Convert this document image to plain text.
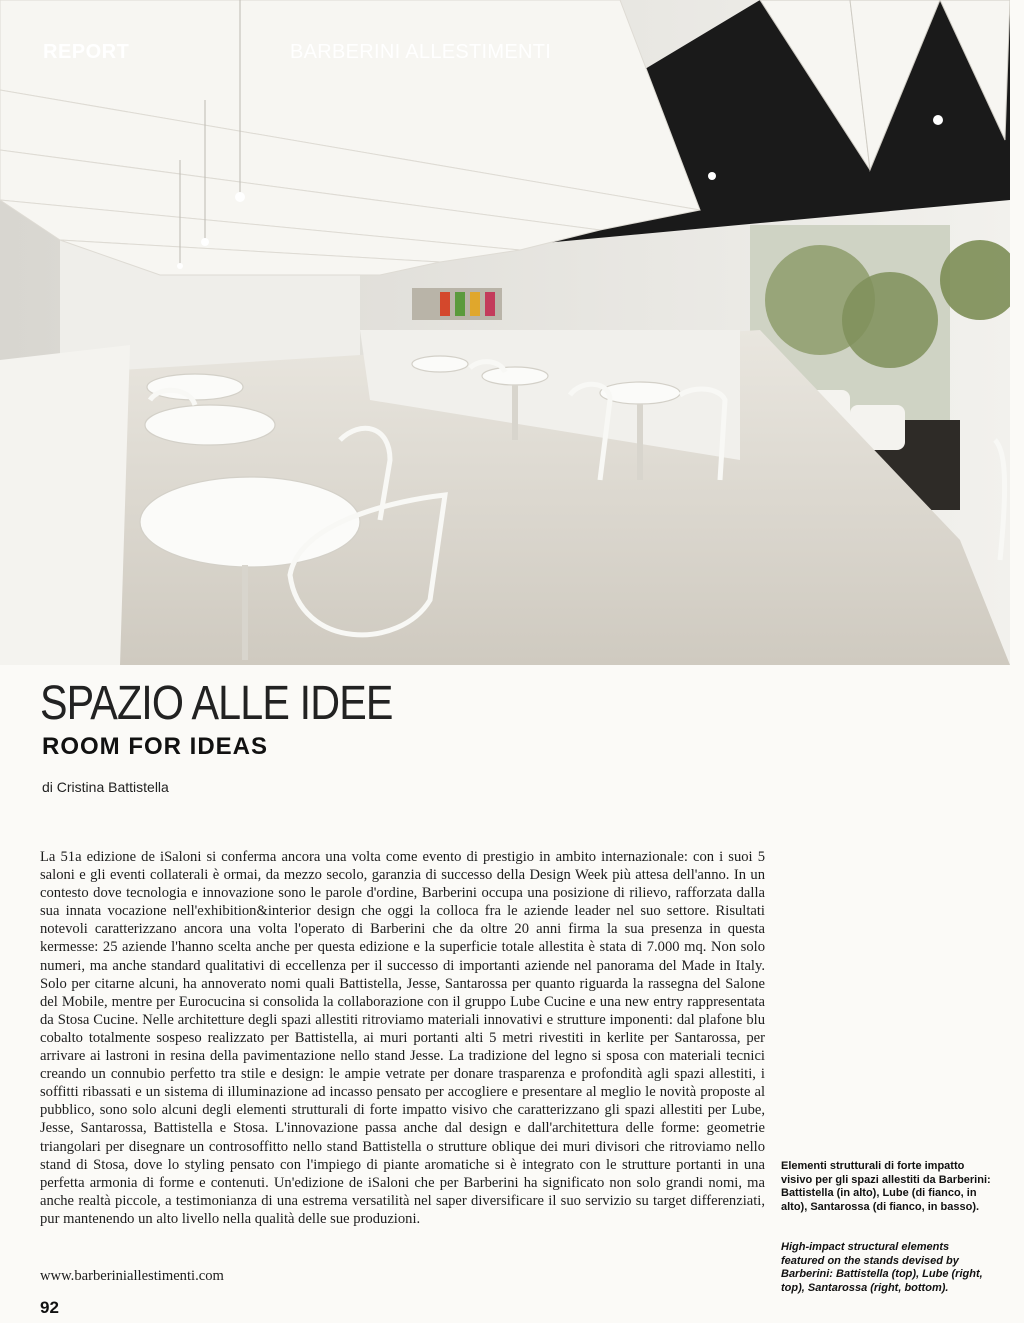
REPORT	BARBERINI ALLESTIMENTI
SPAZIO ALLE IDEE
ROOM FOR IDEAS
di Cristina Battistella
La 51a edizione de iSaloni si conferma ancora una volta come evento di prestigio in ambito internazionale: con i suoi 5 saloni e gli eventi collaterali è ormai, da mezzo secolo, garanzia di successo della Design Week più attesa dell'anno. In un contesto dove tecnologia e innovazione sono le parole d'ordine, Barberini occupa una posizione di rilievo, rafforzata dalla sua innata vocazione nell'exhibition&interior design che oggi la colloca fra le aziende leader nel suo settore. Risultati notevoli caratterizzano ancora una volta l'operato di Barberini che da oltre 20 anni firma la sua presenza in questa kermesse: 25 aziende l'hanno scelta anche per questa edizione e la superficie totale allestita è stata di 7.000 mq. Non solo numeri, ma anche standard qualitativi di eccellenza per il successo di importanti aziende nel panorama del Made in Italy. Solo per citarne alcuni, ha annoverato nomi quali Battistella, Jesse, Santarossa per quanto riguarda la rassegna del Salone del Mobile, mentre per Eurocucina si consolida la collaborazione con il gruppo Lube Cucine e una new entry rappresentata da Stosa Cucine. Nelle architetture degli spazi allestiti ritroviamo materiali innovativi e strutture imponenti: dal plafone blu cobalto totalmente sospeso realizzato per Battistella, ai muri portanti alti 5 metri rivestiti in kerlite per Santarossa, per arrivare ai lastroni in resina della pavimentazione nello stand Jesse. La tradizione del legno si sposa con materiali tecnici creando un connubio perfetto tra stile e design: le ampie vetrate per donare trasparenza e profondità agli spazi allestiti, i soffitti ribassati e un sistema di illuminazione ad incasso pensato per accogliere e presentare al meglio le novità proposte al pubblico, sono solo alcuni degli elementi strutturali di forte impatto visivo che caratterizzano gli spazi allestiti per Lube, Jesse, Santarossa, Battistella e Stosa. L'innovazione passa anche dal design e dall'architettura delle forme: geometrie triangolari per disegnare un controsoffitto nello stand Battistella o strutture oblique dei muri divisori che ritroviamo nello stand di Stosa, dove lo styling pensato con l'impiego di piante aromatiche si è integrato con le strutture portanti in una perfetta armonia di forme e contenuti. Un'edizione de iSaloni che per Barberini ha significato non solo grandi nomi, ma anche realtà piccole, a testimonianza di una estrema versatilità nel saper diversificare il suo servizio su target differenziati, pur mantenendo un alto livello nella qualità delle sue produzioni.
www.barberiniallestimenti.com
Elementi strutturali di forte impatto visivo per gli spazi allestiti da Barberini: Battistella (in alto), Lube (di fianco, in alto), Santarossa (di fianco, in basso).
High-impact structural elements featured on the stands devised by Barberini: Battistella (top), Lube (right, top), Santarossa (right, bottom).
92
